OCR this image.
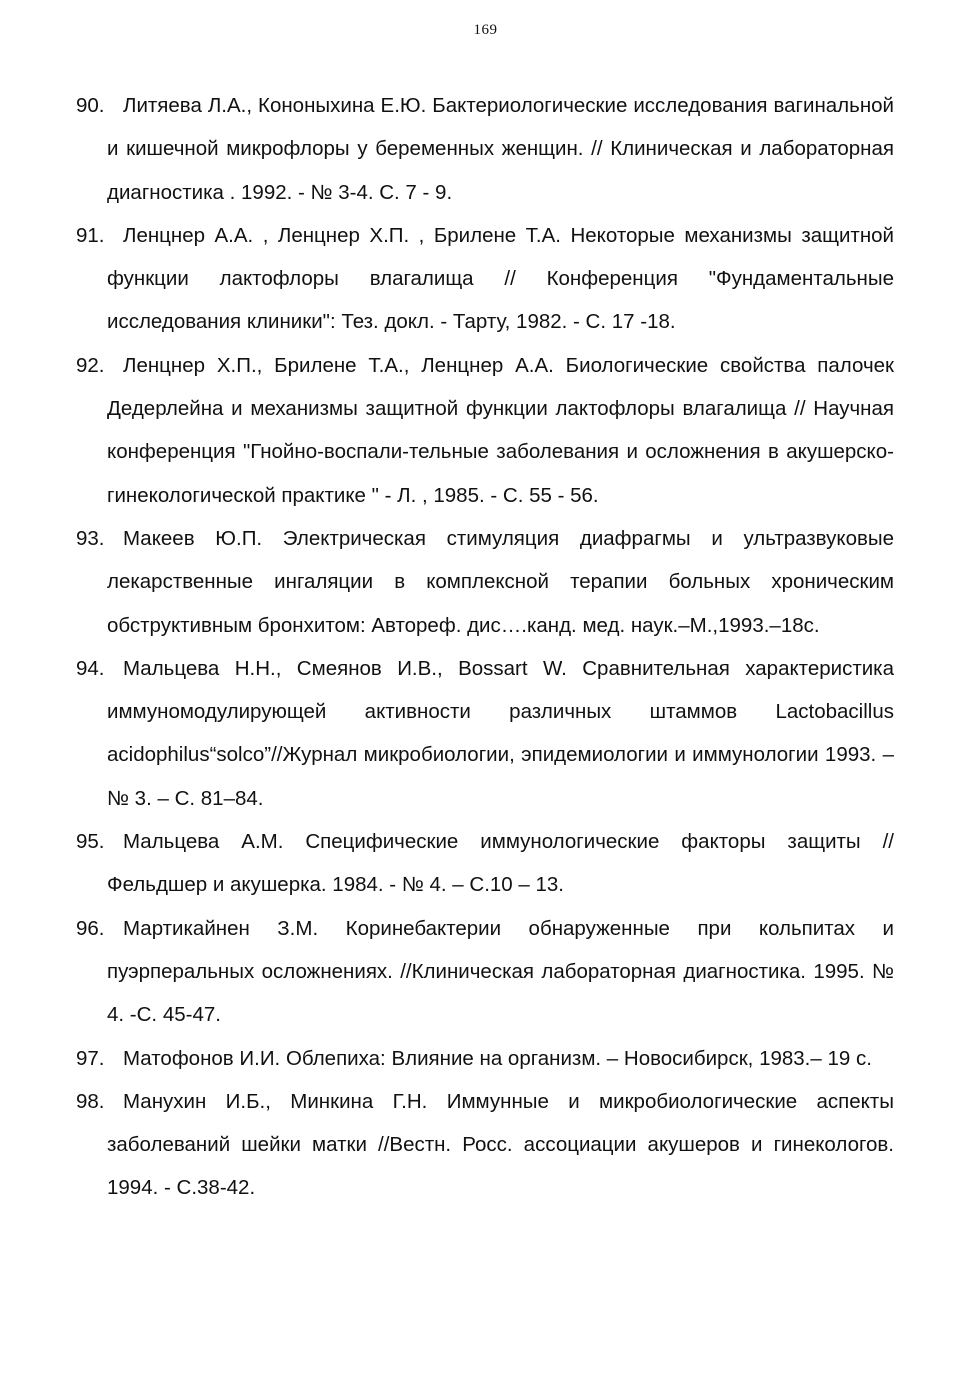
169
90. Литяева Л.А., Кононыхина Е.Ю. Бактериологические исследования вагинальной и кишечной микрофлоры у беременных женщин. // Клиническая и лабораторная диагностика . 1992. - № 3-4. С. 7 - 9.
91. Ленцнер А.А. , Ленцнер Х.П. , Брилене Т.А. Некоторые механизмы защитной функции лактофлоры влагалища // Конференция "Фундаментальные исследования клиники": Тез. докл. - Тарту, 1982. - С. 17 -18.
92. Ленцнер Х.П., Брилене Т.А., Ленцнер А.А. Биологические свойства палочек Дедерлейна и механизмы защитной функции лактофлоры влагалища // Научная конференция "Гнойно-воспали-тельные заболевания и осложнения в акушерско-гинекологической практике " - Л. , 1985. - С. 55 - 56.
93. Макеев Ю.П. Электрическая стимуляция диафрагмы и ультразвуковые лекарственные ингаляции в комплексной терапии больных хроническим обструктивным бронхитом: Автореф. дис….канд. мед. наук.–М.,1993.–18с.
94. Мальцева Н.Н., Смеянов И.В., Bossart W. Сравнительная характеристика иммуномодулирующей активности различных штаммов Lactobacillus acidophilus“solco”//Журнал микробиологии, эпидемиологии и иммунологии 1993. –№ 3. – С. 81–84.
95. Мальцева А.М. Специфические иммунологические факторы защиты // Фельдшер и акушерка. 1984. - № 4. – С.10 – 13.
96. Мартикайнен З.М. Коринебактерии обнаруженные при кольпитах и пуэрперальных осложнениях. //Клиническая лабораторная диагностика. 1995. № 4. -С. 45-47.
97. Матофонов И.И. Облепиха: Влияние на организм. – Новосибирск, 1983.– 19 с.
98. Манухин И.Б., Минкина Г.Н. Иммунные и микробиологические аспекты заболеваний шейки матки //Вестн. Росс. ассоциации акушеров и гинекологов. 1994. - С.38-42.
